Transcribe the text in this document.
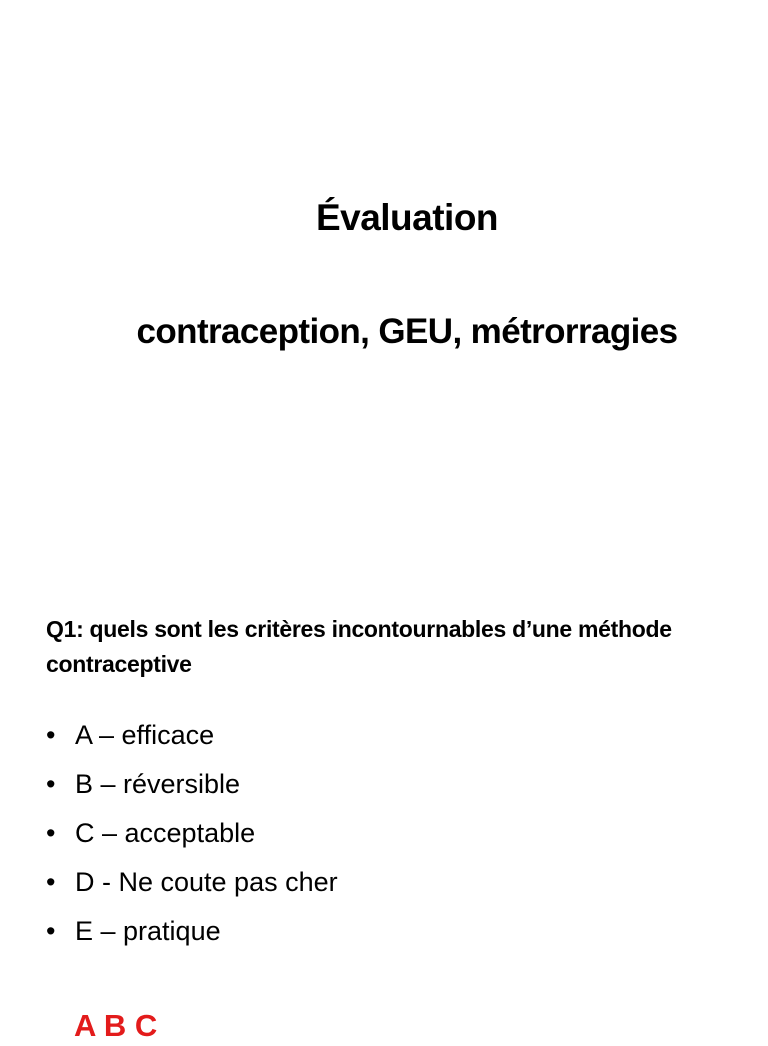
Évaluation
contraception, GEU, métrorragies
Q1: quels sont les critères incontournables d’une méthode contraceptive
• A – efficace
• B – réversible
• C – acceptable
• D - Ne coute pas cher
• E – pratique
A B C
